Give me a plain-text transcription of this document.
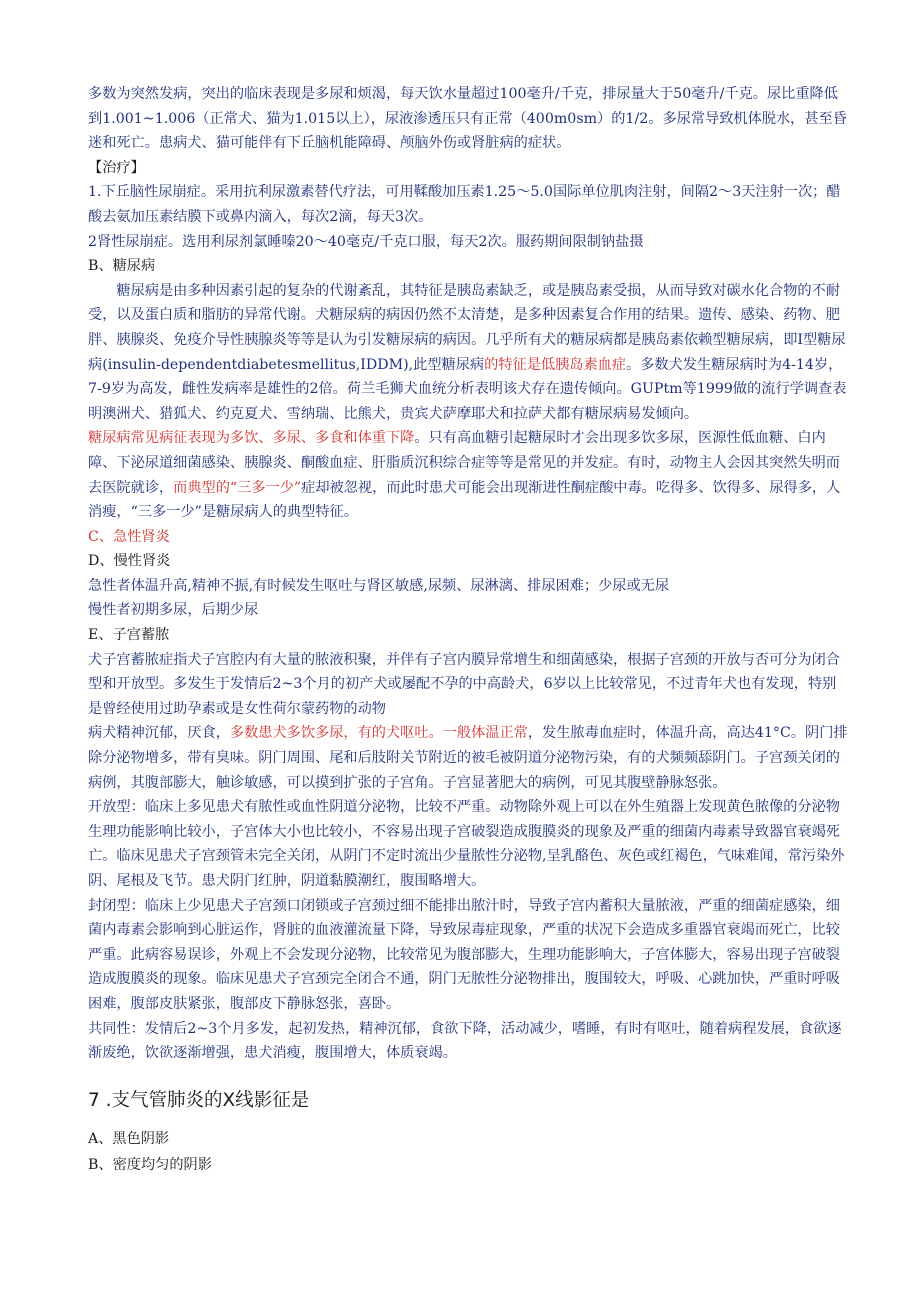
多数为突然发病，突出的临床表现是多尿和烦渴，每天饮水量超过100毫升/千克，排尿量大于50毫升/千克。尿比重降低到1.001~1.006（正常犬、猫为1.015以上），尿液渗透压只有正常（400m0sm）的1/2。多尿常导致机体脱水，甚至昏迷和死亡。患病犬、猫可能伴有下丘脑机能障碍、颅脑外伤或肾脏病的症状。

【治疗】

1.下丘脑性尿崩症。采用抗利尿激素替代疗法，可用鞣酸加压素1.25～5.0国际单位肌肉注射，间隔2～3天注射一次；醋酸去氨加压素结膜下或鼻内滴入，每次2滴，每天3次。

2肾性尿崩症。选用利尿剂氯睡嗪20～40毫克/千克口服，每天2次。服药期间限制钠盐摄

B、糖尿病

糖尿病是由多种因素引起的复杂的代谢紊乱，其特征是胰岛素缺乏，或是胰岛素受损，从而导致对碳水化合物的不耐受，以及蛋白质和脂肪的异常代谢。犬糖尿病的病因仍然不太清楚，是多种因素复合作用的结果。遗传、感染、药物、肥胖、胰腺炎、免疫介导性胰腺炎等等是认为引发糖尿病的病因。几乎所有犬的糖尿病都是胰岛素依赖型糖尿病，即I型糖尿病(insulin-dependentdiabetesmellitus,IDDM),此型糖尿病的特征是低胰岛素血症。多数犬发生糖尿病时为4-14岁，7-9岁为高发，雌性发病率是雄性的2倍。荷兰毛狮犬血统分析表明该犬存在遗传倾向。GUPtm等1999做的流行学调查表明澳洲犬、猎狐犬、约克夏犬、雪纳瑞、比熊犬，贵宾犬萨摩耶犬和拉萨犬都有糖尿病易发倾向。

糖尿病常见病征表现为多饮、多尿、多食和体重下降。只有高血糖引起糖尿时才会出现多饮多尿，医源性低血糖、白内障、下泌尿道细菌感染、胰腺炎、酮酸血症、肝脂质沉积综合症等等是常见的并发症。有时，动物主人会因其突然失明而去医院就诊，而典型的“三多一少”症却被忽视，而此时患犬可能会出现渐进性酮症酸中毒。吃得多、饮得多、尿得多，人消瘦，“三多一少”是糖尿病人的典型特征。

C、急性肾炎

D、慢性肾炎

急性者体温升高,精神不振,有时候发生呕吐与肾区敏感,尿频、尿淋漓、排尿困难；少尿或无尿

慢性者初期多尿，后期少尿

E、子宫蓄脓

犬子宫蓄脓症指犬子宫腔内有大量的脓液积聚，并伴有子宫内膜异常增生和细菌感染，根据子宫颈的开放与否可分为闭合型和开放型。多发生于发情后2~3个月的初产犬或屡配不孕的中高龄犬，6岁以上比较常见，不过青年犬也有发现，特别是曾经使用过助孕素或是女性荷尔蒙药物的动物

病犬精神沉郁，厌食，多数患犬多饮多尿，有的犬呕吐。一般体温正常，发生脓毒血症时，体温升高，高达41°C。阴门排除分泌物增多，带有臭味。阴门周围、尾和后肢附关节附近的被毛被阴道分泌物污染，有的犬频频舔阴门。子宫颈关闭的病例，其腹部膨大，触诊敏感，可以摸到扩张的子宫角。子宫显著肥大的病例，可见其腹壁静脉怒张。

开放型：临床上多见患犬有脓性或血性阴道分泌物，比较不严重。动物除外观上可以在外生殖器上发现黄色脓像的分泌物生理功能影响比较小，子宫体大小也比较小，不容易出现子宫破裂造成腹膜炎的现象及严重的细菌内毒素导致器官衰竭死亡。临床见患犬子宫颈管未完全关闭，从阴门不定时流出少量脓性分泌物,呈乳酪色、灰色或红褐色，气味难闻，常污染外阴、尾根及飞节。患犬阴门红肿，阴道黏膜潮红，腹围略增大。

封闭型：临床上少见患犬子宫颈口闭锁或子宫颈过细不能排出脓汁时，导致子宫内蓄积大量脓液，严重的细菌症感染，细菌内毒素会影响到心脏运作，肾脏的血液灌流量下降，导致尿毒症现象，严重的状况下会造成多重器官衰竭而死亡，比较严重。此病容易误诊，外观上不会发现分泌物，比较常见为腹部膨大，生理功能影响大，子宫体膨大，容易出现子宫破裂造成腹膜炎的现象。临床见患犬子宫颈完全闭合不通，阴门无脓性分泌物排出，腹围较大，呼吸、心跳加快，严重时呼吸困难，腹部皮肤紧张，腹部皮下静脉怒张，喜卧。

共同性：发情后2~3个月多发，起初发热，精神沉郁，食欲下降，活动减少，嗜睡，有时有呕吐，随着病程发展，食欲逐渐废绝，饮欲逐渐增强，患犬消瘦，腹围增大，体质衰竭。

7 .支气管肺炎的X线影征是

A、黑色阴影

B、密度均匀的阴影
